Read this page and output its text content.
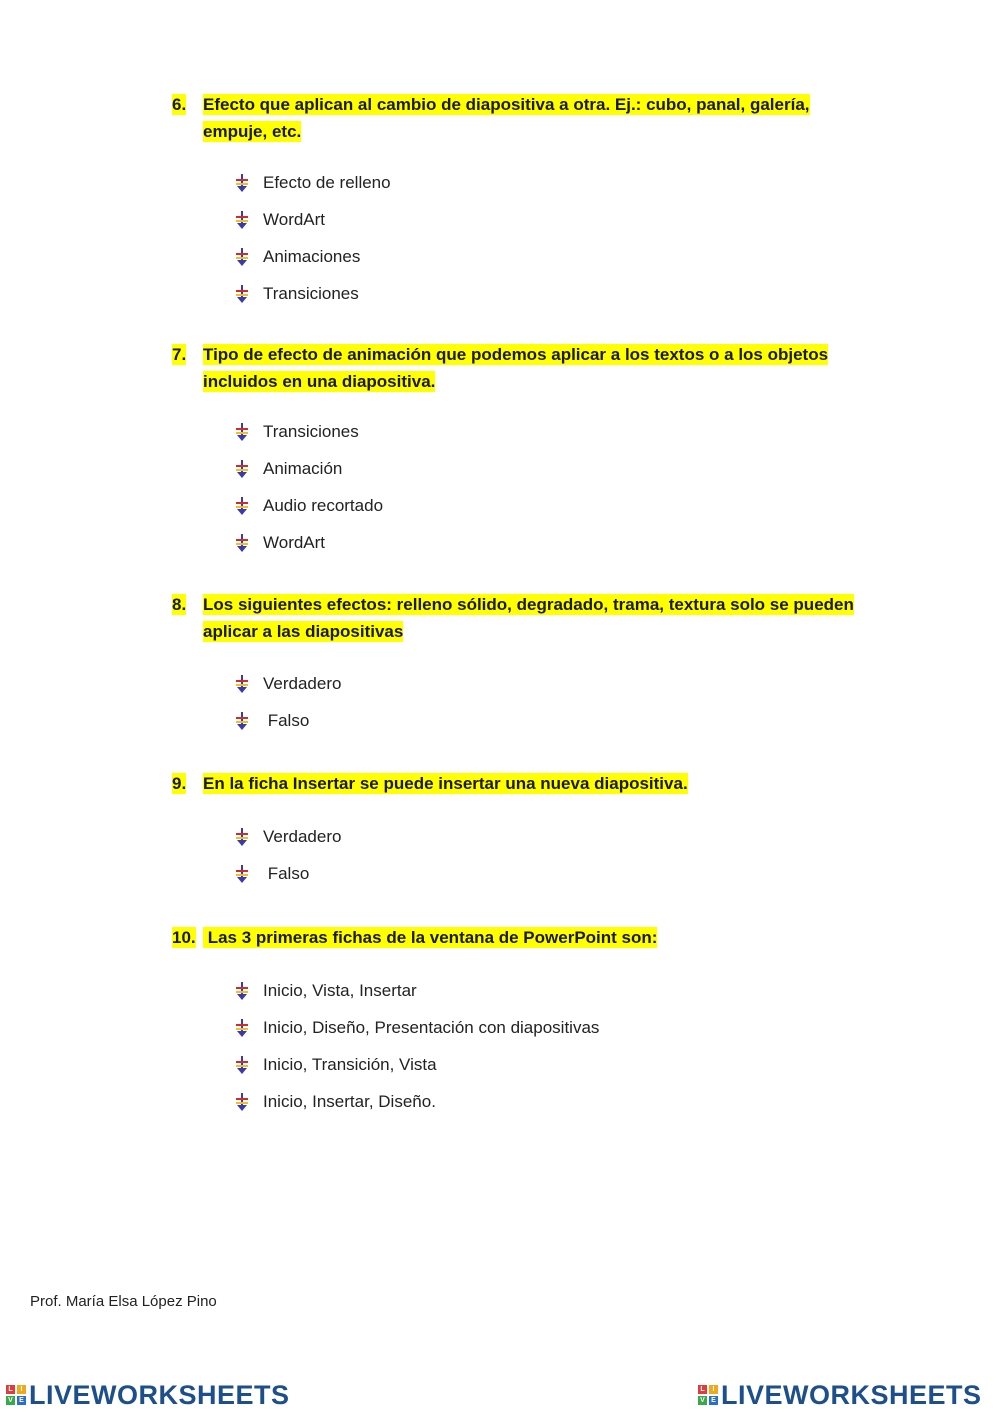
6. Efecto que aplican al cambio de diapositiva a otra. Ej.: cubo, panal, galería, empuje, etc.
Efecto de relleno
WordArt
Animaciones
Transiciones
7. Tipo de efecto de animación que podemos aplicar a los textos o a los objetos incluidos en una diapositiva.
Transiciones
Animación
Audio recortado
WordArt
8. Los siguientes efectos: relleno sólido, degradado, trama, textura solo se pueden aplicar a las diapositivas
Verdadero
Falso
9. En la ficha Insertar se puede insertar una nueva diapositiva.
Verdadero
Falso
10. Las 3 primeras fichas de la ventana de PowerPoint son:
Inicio, Vista, Insertar
Inicio, Diseño, Presentación con diapositivas
Inicio, Transición, Vista
Inicio, Insertar, Diseño.
Prof. María Elsa López Pino
L	I
V E LIVEWORKSHEETS	L	I
V E LIVEWORKSHEETS
